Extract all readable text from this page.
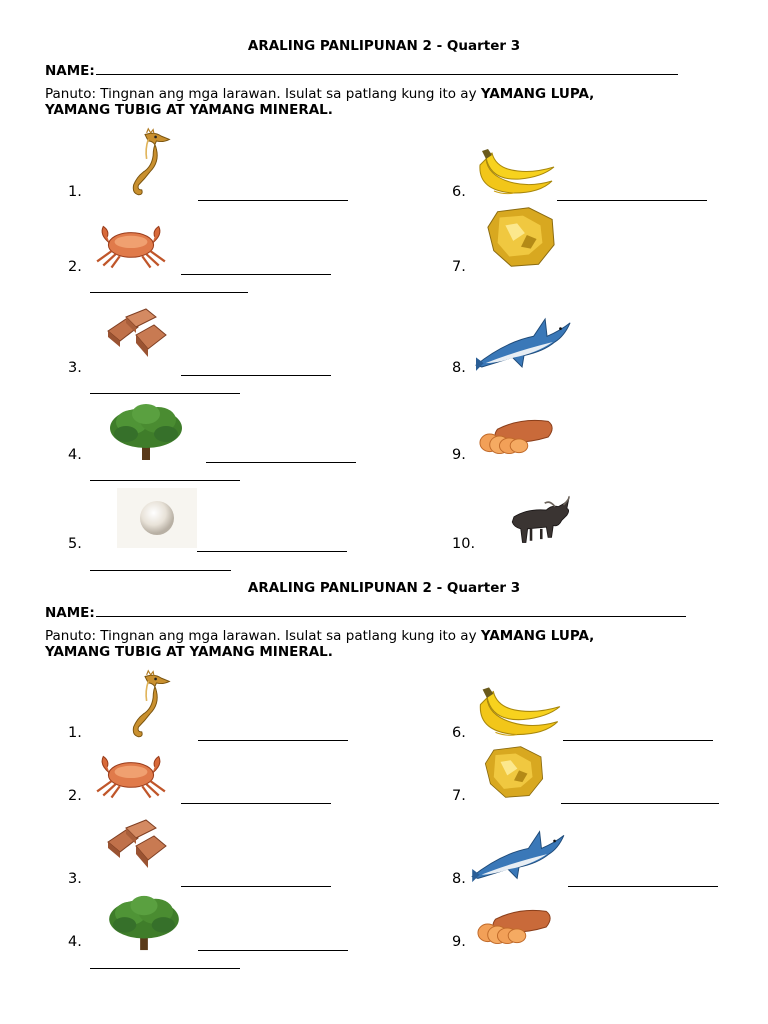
ARALING PANLIPUNAN 2 - Quarter 3
NAME:
Panuto: Tingnan ang mga larawan. Isulat sa patlang kung ito ay YAMANG LUPA,
YAMANG TUBIG AT YAMANG MINERAL.
1.
2.
3.
4.
5.
6.
7.
8.
9.
10.
ARALING PANLIPUNAN 2 - Quarter 3
NAME:
Panuto: Tingnan ang mga larawan. Isulat sa patlang kung ito ay YAMANG LUPA,
YAMANG TUBIG AT YAMANG MINERAL.
1.
2.
3.
4.
6.
7.
8.
9.
